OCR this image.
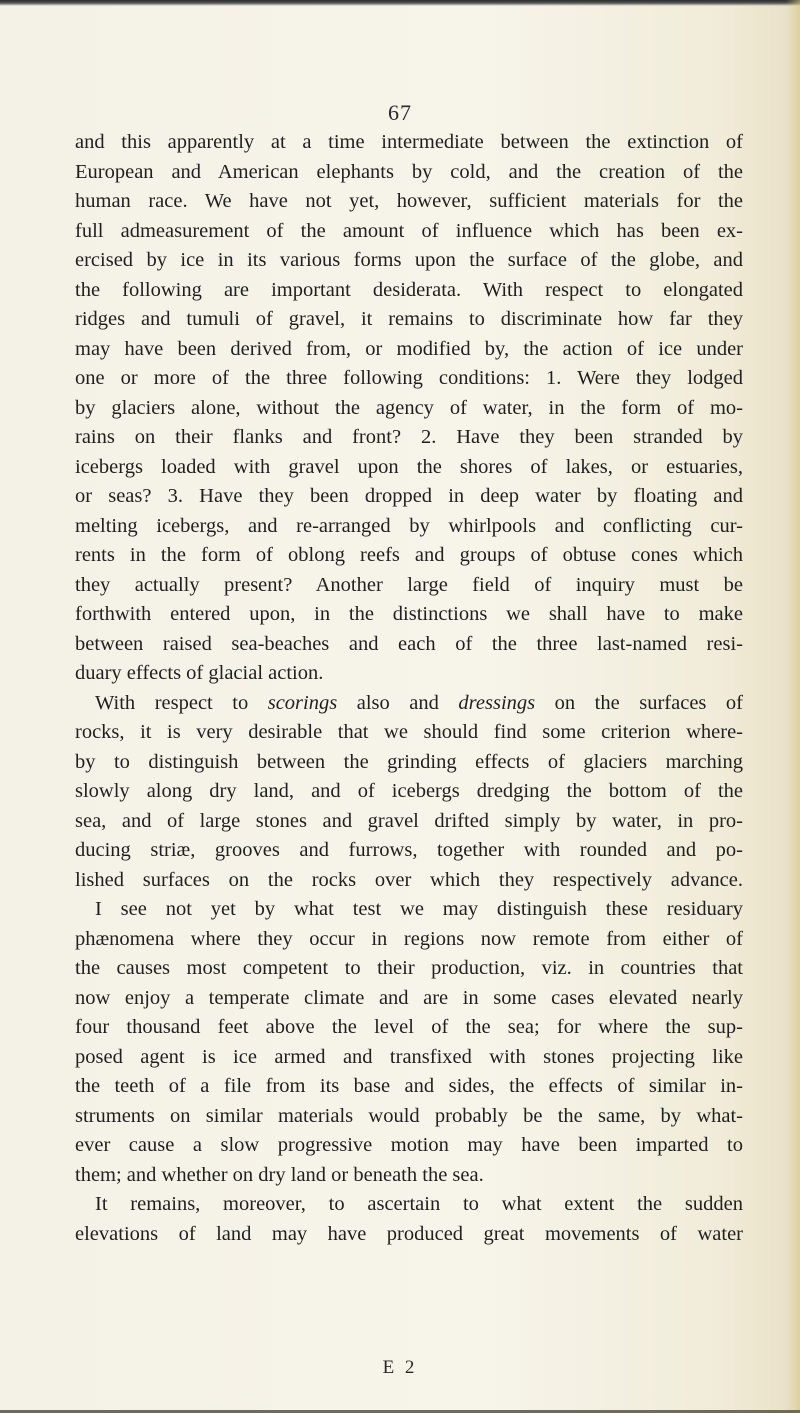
67
and this apparently at a time intermediate between the extinction of
European and American elephants by cold, and the creation of the
human race. We have not yet, however, sufficient materials for the
full admeasurement of the amount of influence which has been ex-
ercised by ice in its various forms upon the surface of the globe, and
the following are important desiderata. With respect to elongated
ridges and tumuli of gravel, it remains to discriminate how far they
may have been derived from, or modified by, the action of ice under
one or more of the three following conditions: 1. Were they lodged
by glaciers alone, without the agency of water, in the form of mo-
rains on their flanks and front? 2. Have they been stranded by
icebergs loaded with gravel upon the shores of lakes, or estuaries,
or seas? 3. Have they been dropped in deep water by floating and
melting icebergs, and re-arranged by whirlpools and conflicting cur-
rents in the form of oblong reefs and groups of obtuse cones which
they actually present? Another large field of inquiry must be
forthwith entered upon, in the distinctions we shall have to make
between raised sea-beaches and each of the three last-named resi-
duary effects of glacial action.
With respect to scorings also and dressings on the surfaces of
rocks, it is very desirable that we should find some criterion where-
by to distinguish between the grinding effects of glaciers marching
slowly along dry land, and of icebergs dredging the bottom of the
sea, and of large stones and gravel drifted simply by water, in pro-
ducing striæ, grooves and furrows, together with rounded and po-
lished surfaces on the rocks over which they respectively advance.
I see not yet by what test we may distinguish these residuary
phænomena where they occur in regions now remote from either of
the causes most competent to their production, viz. in countries that
now enjoy a temperate climate and are in some cases elevated nearly
four thousand feet above the level of the sea; for where the sup-
posed agent is ice armed and transfixed with stones projecting like
the teeth of a file from its base and sides, the effects of similar in-
struments on similar materials would probably be the same, by what-
ever cause a slow progressive motion may have been imparted to
them; and whether on dry land or beneath the sea.
It remains, moreover, to ascertain to what extent the sudden
elevations of land may have produced great movements of water
E 2
